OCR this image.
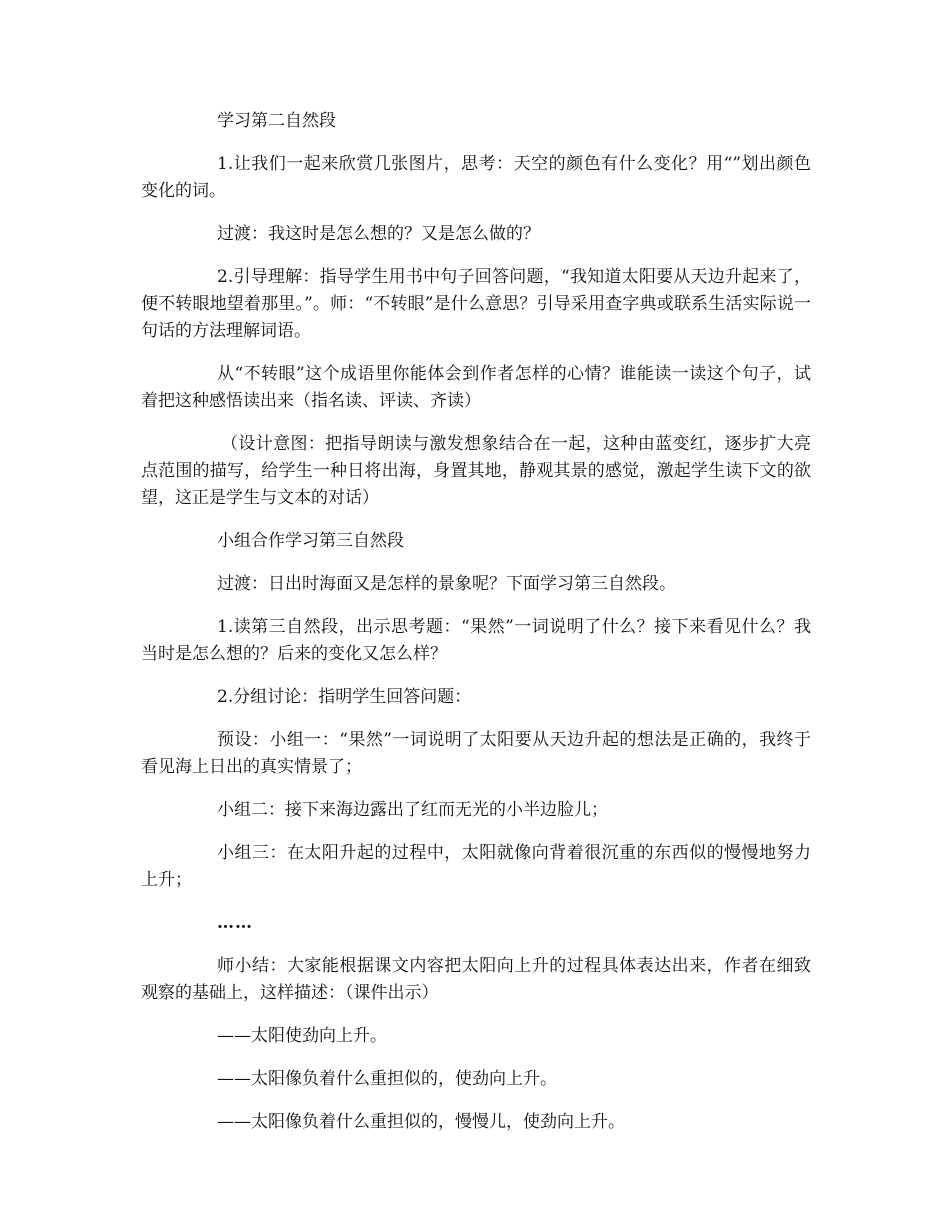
学习第二自然段

1.让我们一起来欣赏几张图片，思考：天空的颜色有什么变化？用“”划出颜色变化的词。

过渡：我这时是怎么想的？又是怎么做的？

2.引导理解：指导学生用书中句子回答问题，“我知道太阳要从天边升起来了，便不转眼地望着那里。”。师：“不转眼”是什么意思？引导采用查字典或联系生活实际说一句话的方法理解词语。

从“不转眼”这个成语里你能体会到作者怎样的心情？谁能读一读这个句子，试着把这种感悟读出来（指名读、评读、齐读）

（设计意图：把指导朗读与激发想象结合在一起，这种由蓝变红，逐步扩大亮点范围的描写，给学生一种日将出海，身置其地，静观其景的感觉，激起学生读下文的欲望，这正是学生与文本的对话）

小组合作学习第三自然段

过渡：日出时海面又是怎样的景象呢？下面学习第三自然段。

1.读第三自然段，出示思考题：“果然”一词说明了什么？接下来看见什么？我当时是怎么想的？后来的变化又怎么样？

2.分组讨论：指明学生回答问题：

预设：小组一：“果然”一词说明了太阳要从天边升起的想法是正确的，我终于看见海上日出的真实情景了；

小组二：接下来海边露出了红而无光的小半边脸儿；

小组三：在太阳升起的过程中，太阳就像向背着很沉重的东西似的慢慢地努力上升；

……

师小结：大家能根据课文内容把太阳向上升的过程具体表达出来，作者在细致观察的基础上，这样描述：（课件出示）

——太阳使劲向上升。

——太阳像负着什么重担似的，使劲向上升。

——太阳像负着什么重担似的，慢慢儿，使劲向上升。
